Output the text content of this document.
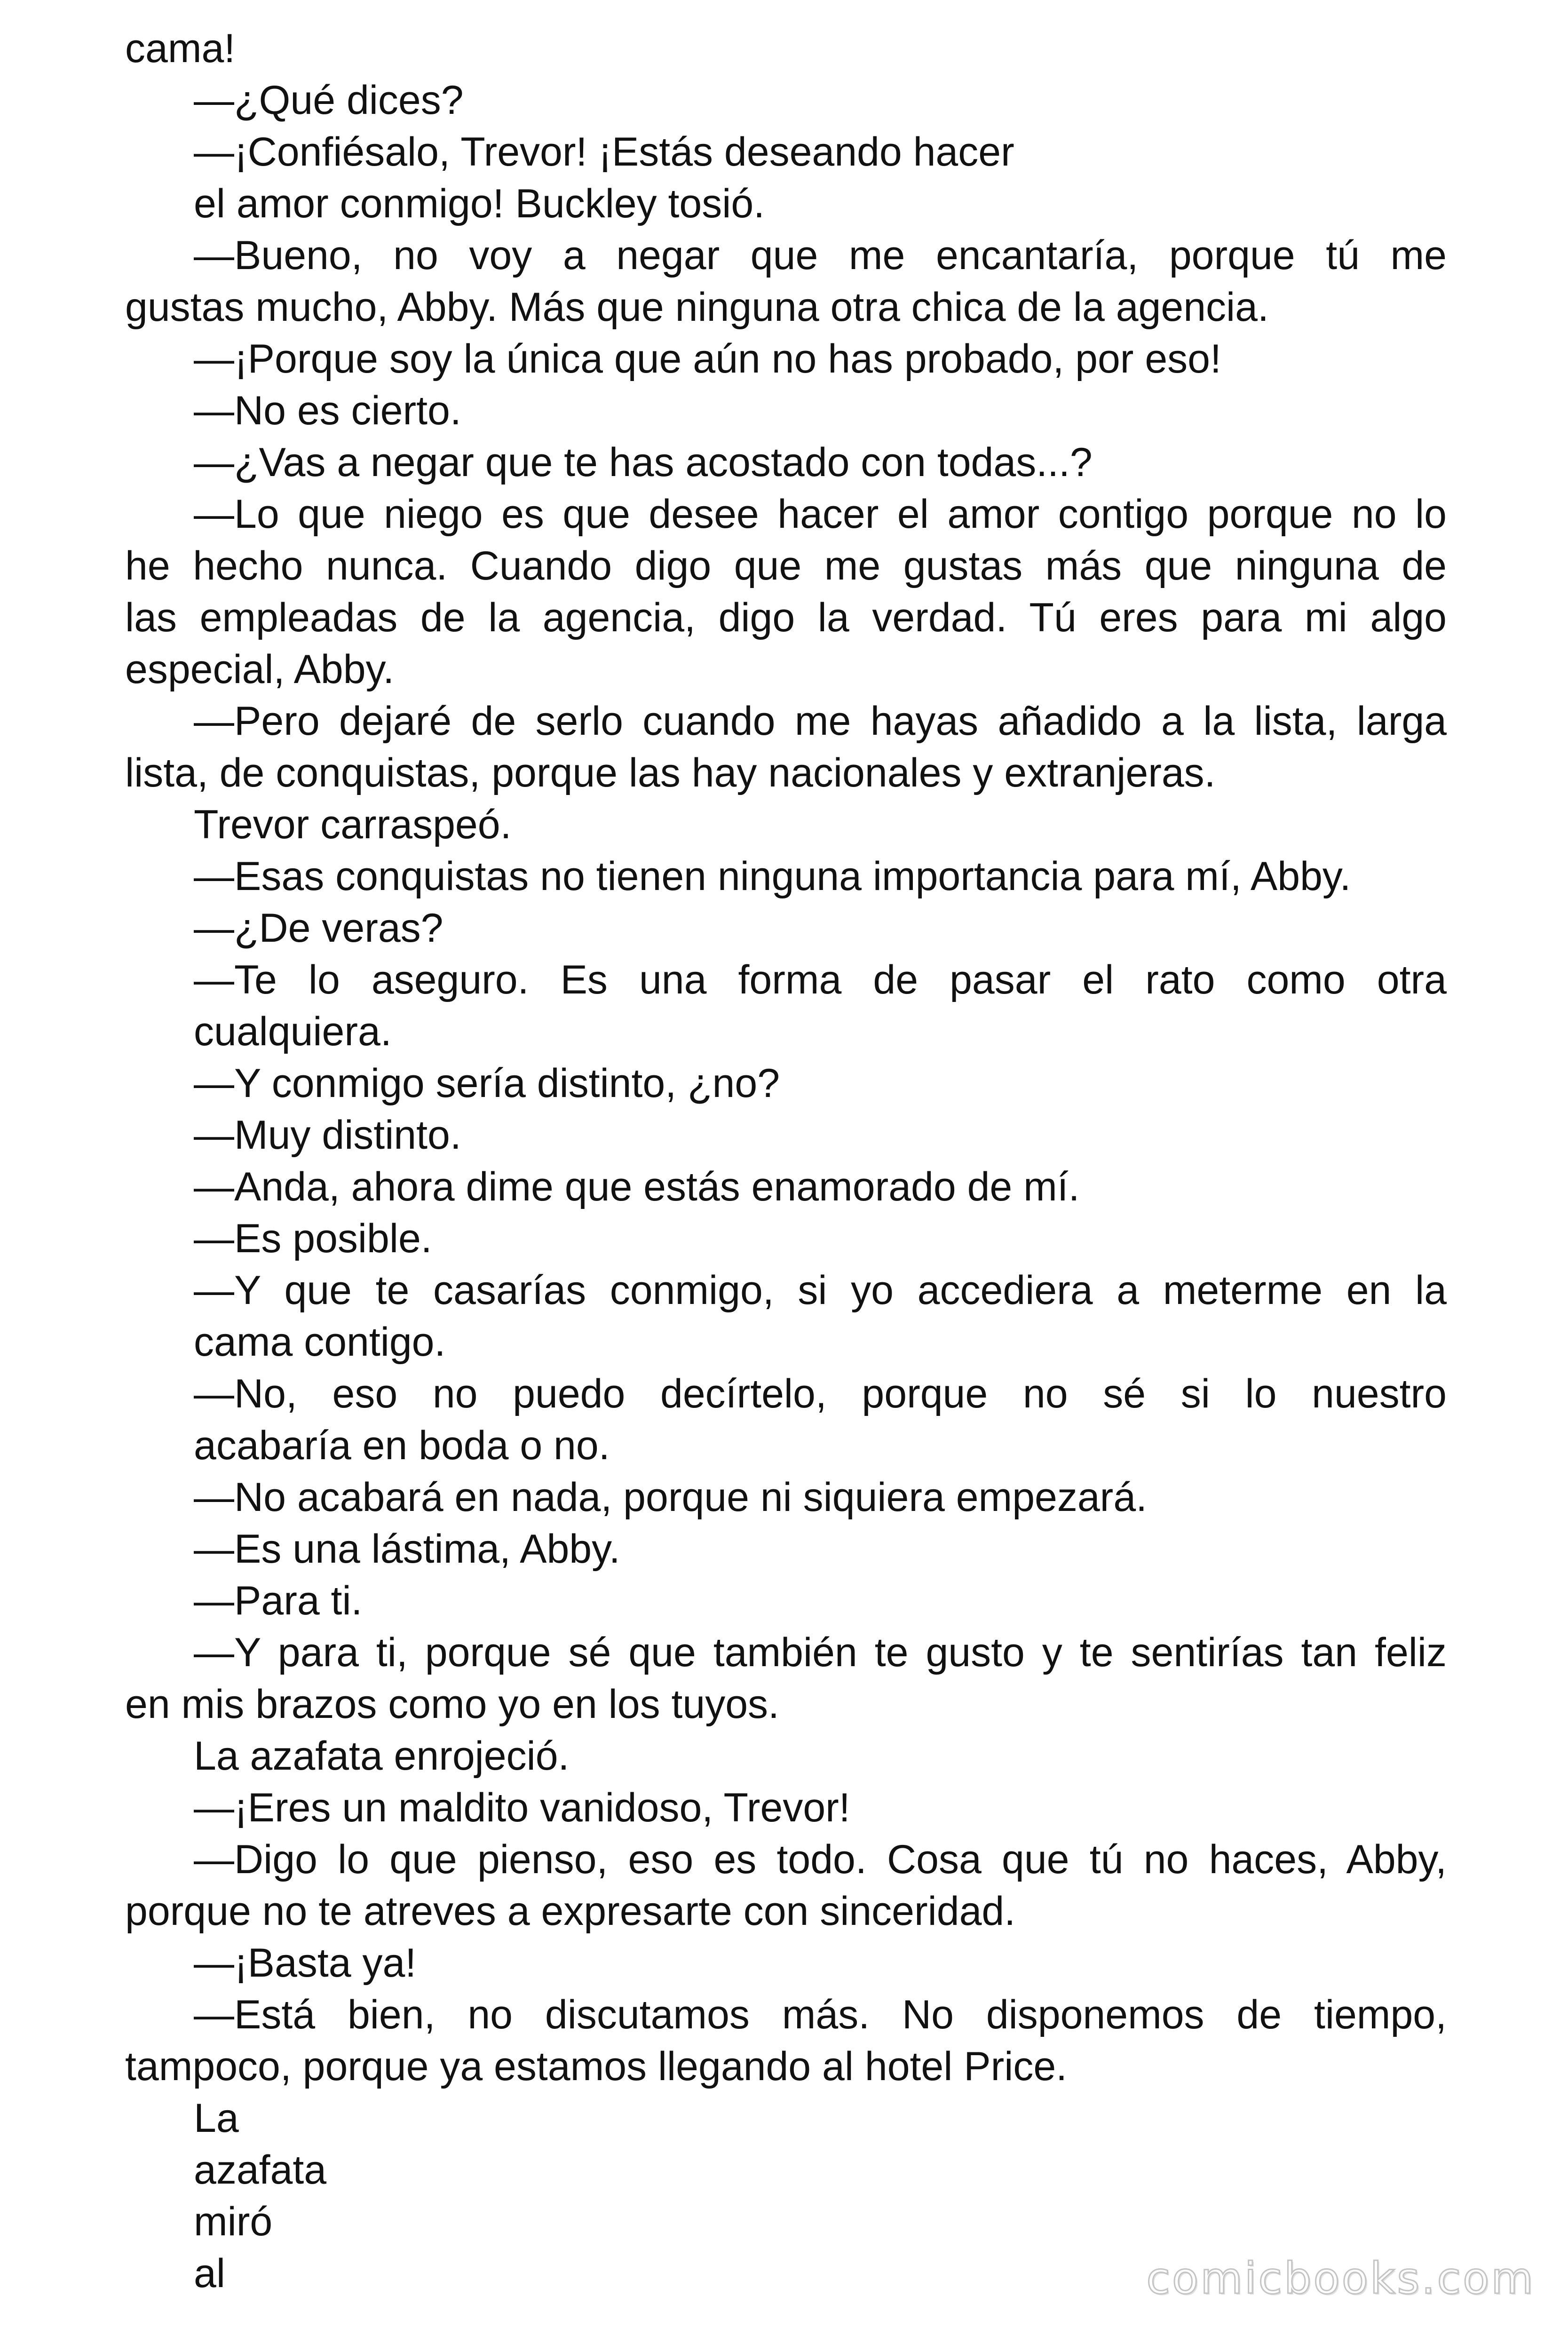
cama!
—¿Qué dices?
—¡Confiésalo, Trevor! ¡Estás deseando hacer
el amor conmigo! Buckley tosió.
—Bueno, no voy a negar que me encantaría, porque tú me
gustas mucho, Abby. Más que ninguna otra chica de la agencia.
—¡Porque soy la única que aún no has probado, por eso!
—No es cierto.
—¿Vas a negar que te has acostado con todas...?
—Lo que niego es que desee hacer el amor contigo porque no lo
he hecho nunca. Cuando digo que me gustas más que ninguna de
las empleadas de la agencia, digo la verdad. Tú eres para mi algo
especial, Abby.
—Pero dejaré de serlo cuando me hayas añadido a la lista, larga
lista, de conquistas, porque las hay nacionales y extranjeras.
Trevor carraspeó.
—Esas conquistas no tienen ninguna importancia para mí, Abby.
—¿De veras?
—Te lo aseguro. Es una forma de pasar el rato como otra
cualquiera.
—Y conmigo sería distinto, ¿no?
—Muy distinto.
—Anda, ahora dime que estás enamorado de mí.
—Es posible.
—Y que te casarías conmigo, si yo accediera a meterme en la
cama contigo.
—No, eso no puedo decírtelo, porque no sé si lo nuestro
acabaría en boda o no.
—No acabará en nada, porque ni siquiera empezará.
—Es una lástima, Abby.
—Para ti.
—Y para ti, porque sé que también te gusto y te sentirías tan feliz
en mis brazos como yo en los tuyos.
La azafata enrojeció.
—¡Eres un maldito vanidoso, Trevor!
—Digo lo que pienso, eso es todo. Cosa que tú no haces, Abby,
porque no te atreves a expresarte con sinceridad.
—¡Basta ya!
—Está bien, no discutamos más. No disponemos de tiempo,
tampoco, porque ya estamos llegando al hotel Price.
La
azafata
miró
al	comicbooks.com
